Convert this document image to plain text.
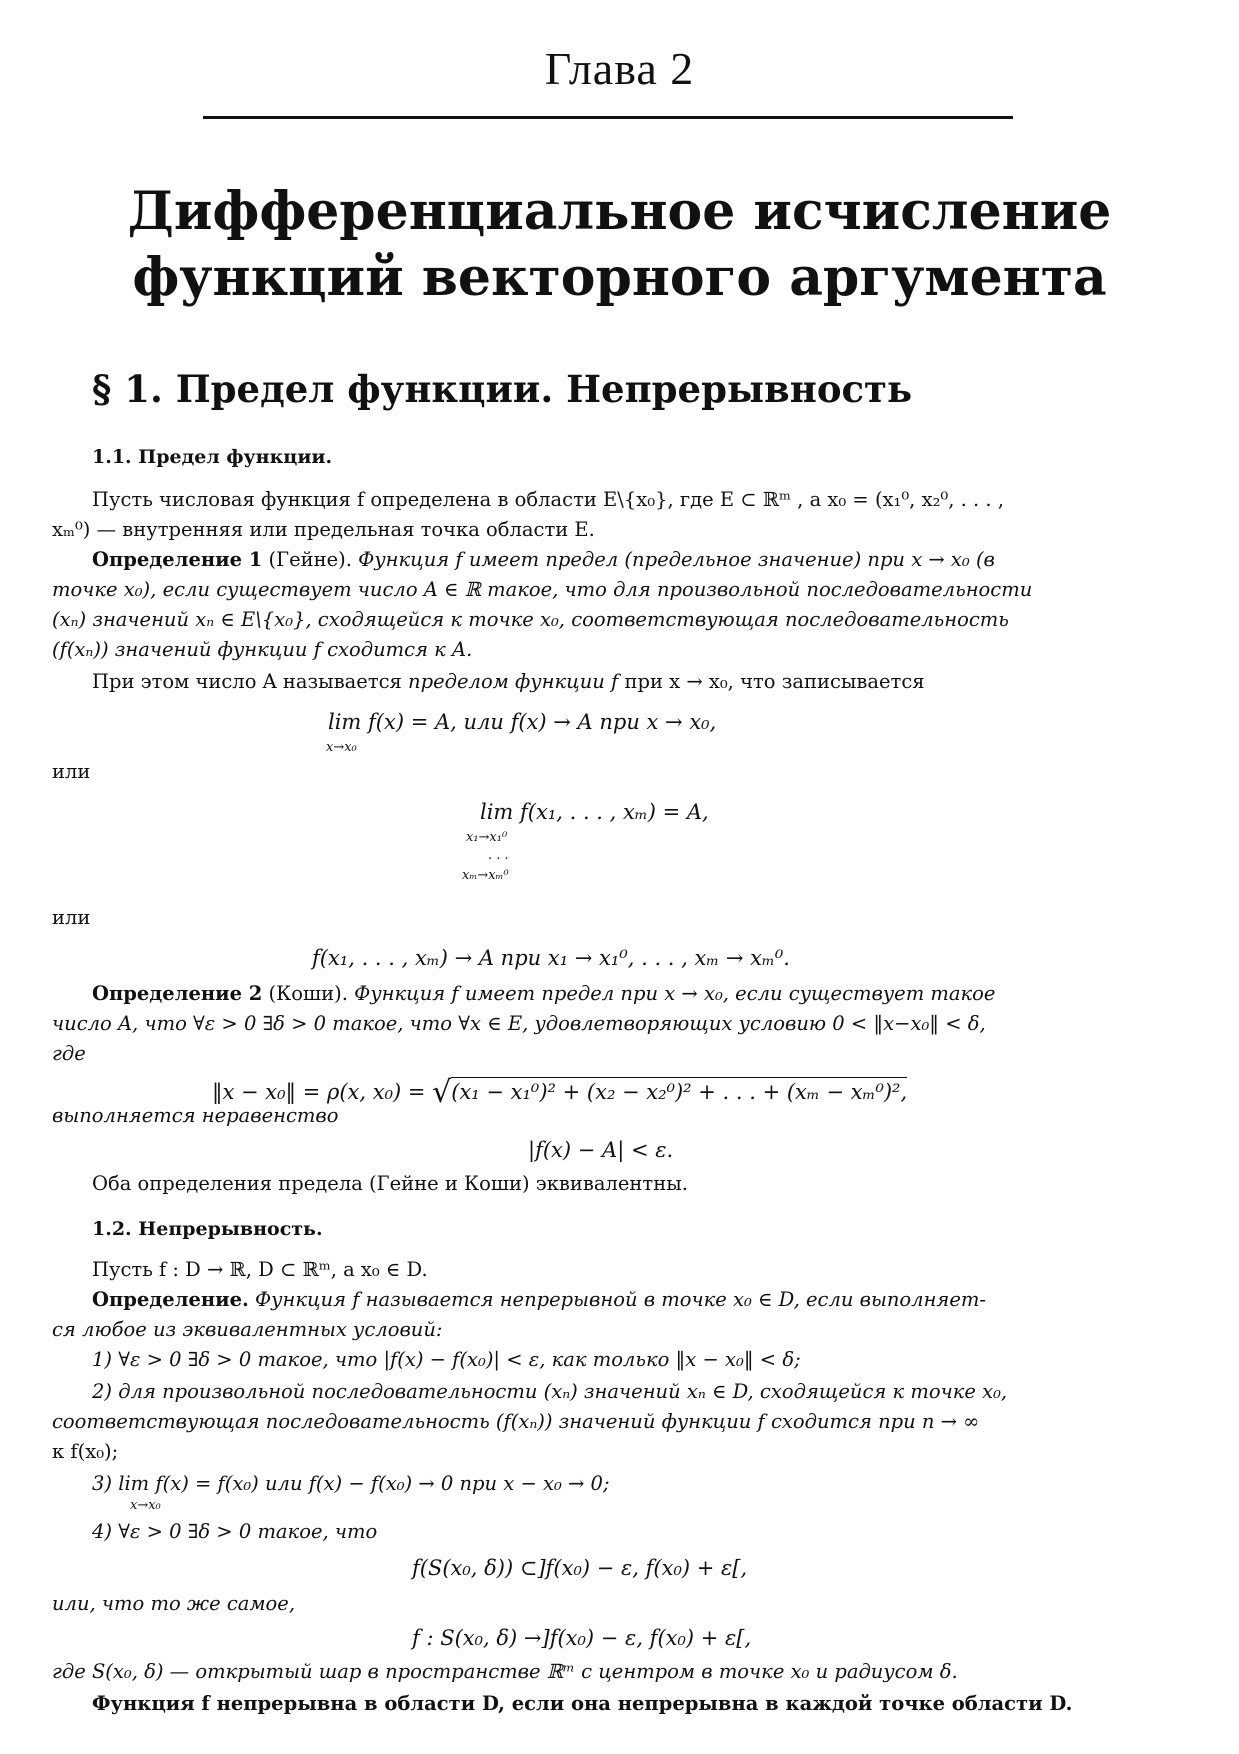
Глава 2
Дифференциальное исчисление
функций векторного аргумента
§ 1. Предел функции. Непрерывность
1.1. Предел функции.
Пусть числовая функция f определена в области E\{x₀}, где E ⊂ ℝᵐ , а x₀ = (x₁⁰, x₂⁰, . . . ,
xₘ⁰) — внутренняя или предельная точка области E.
Определение 1 (Гейне). Функция f имеет предел (предельное значение) при x → x₀ (в
точке x₀), если существует число A ∈ ℝ такое, что для произвольной последовательности
(xₙ) значений xₙ ∈ E\{x₀}, сходящейся к точке x₀, соответствующая последовательность
(f(xₙ)) значений функции f сходится к A.
При этом число A называется пределом функции f при x → x₀, что записывается
lim f(x) = A, или f(x) → A при x → x₀,
x→x₀
или
lim f(x₁, . . . , xₘ) = A,
x₁→x₁⁰
. . .
xₘ→xₘ⁰
или
f(x₁, . . . , xₘ) → A при x₁ → x₁⁰, . . . , xₘ → xₘ⁰.
Определение 2 (Коши). Функция f имеет предел при x → x₀, если существует такое
число A, что ∀ε > 0 ∃δ > 0 такое, что ∀x ∈ E, удовлетворяющих условию 0 < ‖x−x₀‖ < δ,
где
‖x − x₀‖ = ρ(x, x₀) = √(x₁ − x₁⁰)² + (x₂ − x₂⁰)² + . . . + (xₘ − xₘ⁰)²,
выполняется неравенство
|f(x) − A| < ε.
Оба определения предела (Гейне и Коши) эквивалентны.
1.2. Непрерывность.
Пусть f : D → ℝ, D ⊂ ℝᵐ, а x₀ ∈ D.
Определение. Функция f называется непрерывной в точке x₀ ∈ D, если выполняет-
ся любое из эквивалентных условий:
1) ∀ε > 0 ∃δ > 0 такое, что |f(x) − f(x₀)| < ε, как только ‖x − x₀‖ < δ;
2) для произвольной последовательности (xₙ) значений xₙ ∈ D, сходящейся к точке x₀,
соответствующая последовательность (f(xₙ)) значений функции f сходится при n → ∞
к f(x₀);
3) lim f(x) = f(x₀) или f(x) − f(x₀) → 0 при x − x₀ → 0;
x→x₀
4) ∀ε > 0 ∃δ > 0 такое, что
f(S(x₀, δ)) ⊂]f(x₀) − ε, f(x₀) + ε[,
или, что то же самое,
f : S(x₀, δ) →]f(x₀) − ε, f(x₀) + ε[,
где S(x₀, δ) — открытый шар в пространстве ℝᵐ с центром в точке x₀ и радиусом δ.
Функция f непрерывна в области D, если она непрерывна в каждой точке области D.
